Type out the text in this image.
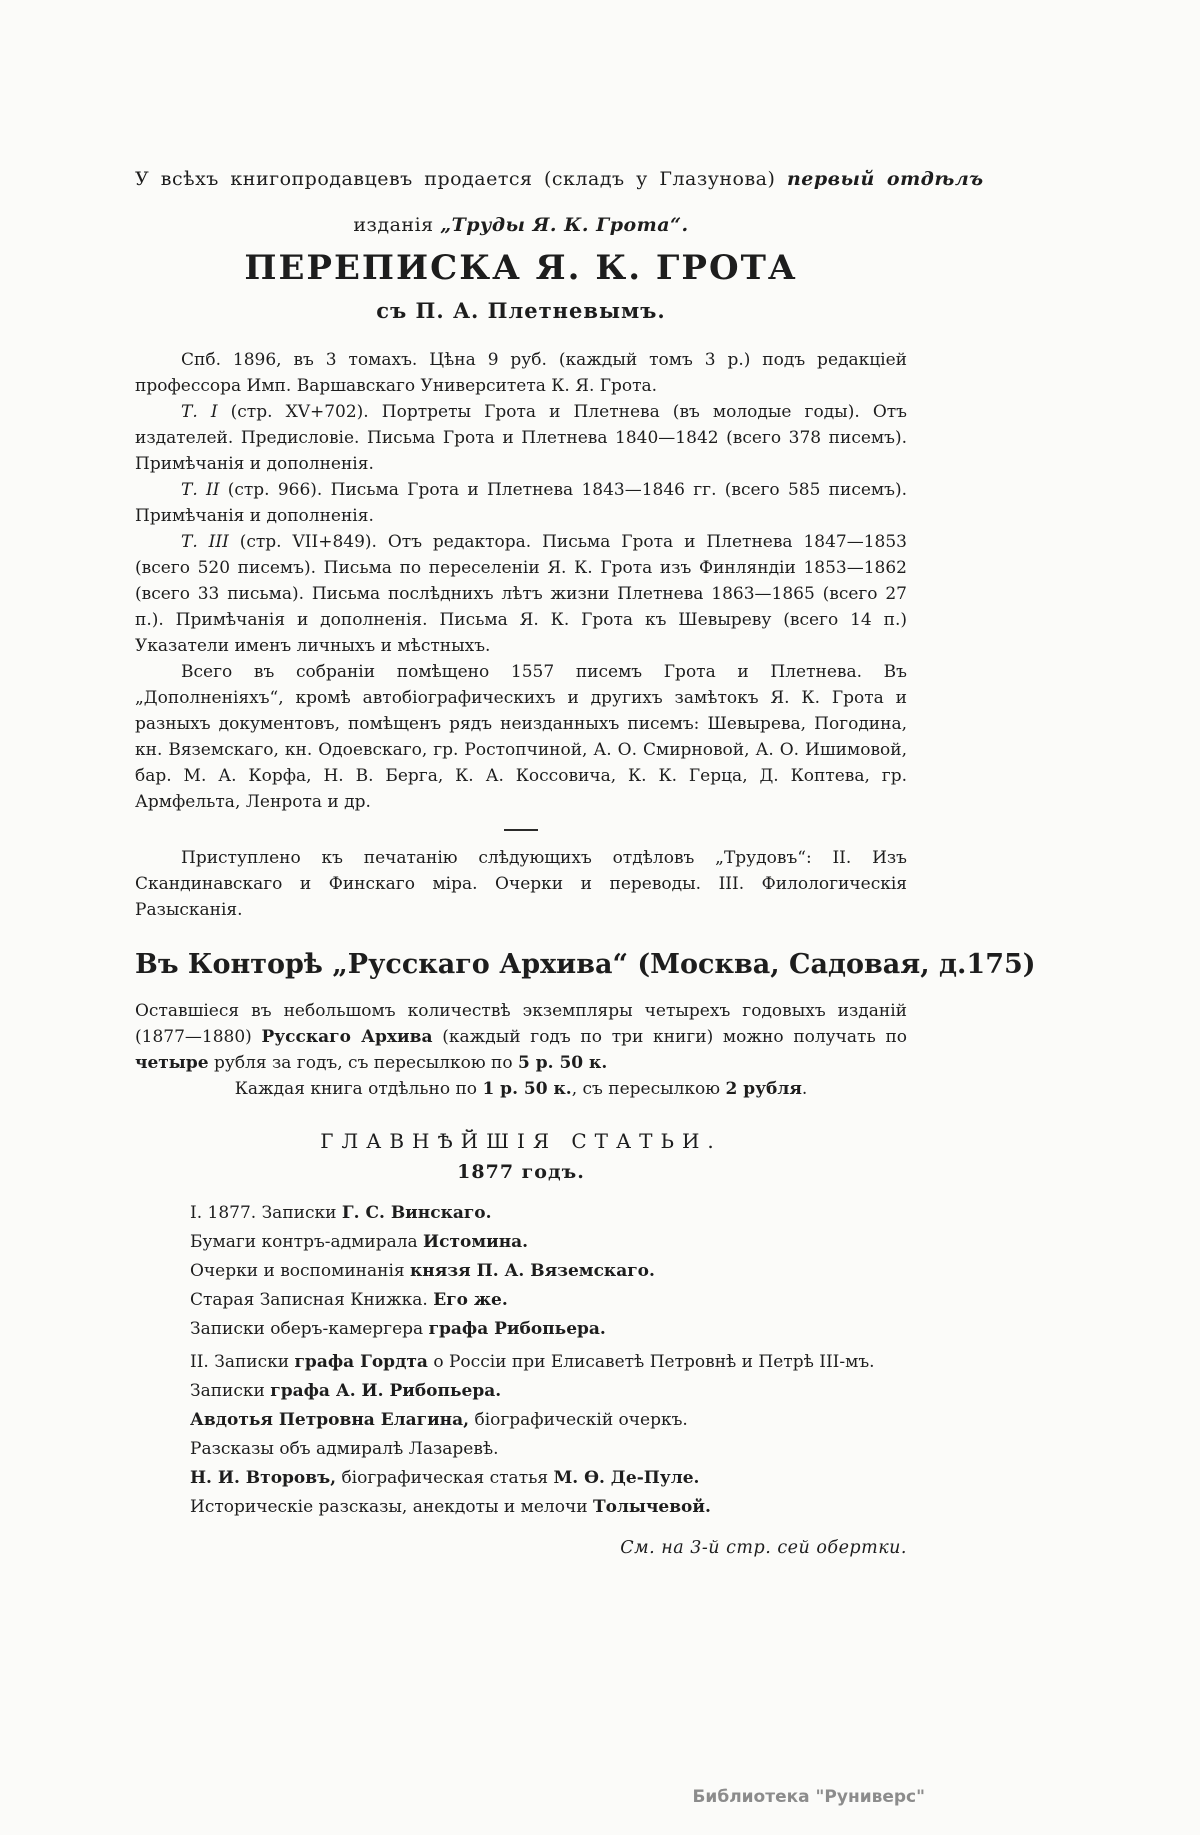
У всѣхъ книгопродавцевъ продается (складъ у Глазунова) первый отдѣлъ

изданія „Труды Я. К. Грота“.

ПЕРЕПИСКА Я. К. ГРОТА
съ П. А. Плетневымъ.

Спб. 1896, въ 3 томахъ. Цѣна 9 руб. (каждый томъ 3 р.) подъ редакціей профессора Имп. Варшавскаго Университета К. Я. Грота.

Т. I (стр. XV+702). Портреты Грота и Плетнева (въ молодые годы). Отъ издателей. Предисловіе. Письма Грота и Плетнева 1840—1842 (всего 378 писемъ). Примѣчанія и дополненія.

Т. II (стр. 966). Письма Грота и Плетнева 1843—1846 гг. (всего 585 писемъ). Примѣчанія и дополненія.

Т. III (стр. VII+849). Отъ редактора. Письма Грота и Плетнева 1847—1853 (всего 520 писемъ). Письма по переселеніи Я. К. Грота изъ Финляндіи 1853—1862 (всего 33 письма). Письма послѣднихъ лѣтъ жизни Плетнева 1863—1865 (всего 27 п.). Примѣчанія и дополненія. Письма Я. К. Грота къ Шевыреву (всего 14 п.) Указатели именъ личныхъ и мѣстныхъ.

Всего въ собраніи помѣщено 1557 писемъ Грота и Плетнева. Въ „Дополненіяхъ“, кромѣ автобіографическихъ и другихъ замѣтокъ Я. К. Грота и разныхъ документовъ, помѣщенъ рядъ неизданныхъ писемъ: Шевырева, Погодина, кн. Вяземскаго, кн. Одоевскаго, гр. Ростопчиной, А. О. Смирновой, А. О. Ишимовой, бар. М. А. Корфа, Н. В. Берга, К. А. Коссовича, К. К. Герца, Д. Коптева, гр. Армфельта, Ленрота и др.

Приступлено къ печатанію слѣдующихъ отдѣловъ „Трудовъ“: II. Изъ Скандинавскаго и Финскаго міра. Очерки и переводы. III. Филологическія Разысканія.

Въ Конторѣ „Русскаго Архива“ (Москва, Садовая, д.175)

Оставшіеся въ небольшомъ количествѣ экземпляры четырехъ годовыхъ изданій (1877—1880) Русскаго Архива (каждый годъ по три книги) можно получать по четыре рубля за годъ, съ пересылкою по 5 р. 50 к.

Каждая книга отдѣльно по 1 р. 50 к., съ пересылкою 2 рубля.

ГЛАВНѢЙШІЯ СТАТЬИ.
1877 годъ.

I. 1877. Записки Г. С. Винскаго.

Бумаги контръ-адмирала Истомина.

Очерки и воспоминанія князя П. А. Вяземскаго.

Старая Записная Книжка. Его же.

Записки оберъ-камергера графа Рибопьера.

II. Записки графа Гордта о Россіи при Елисаветѣ Петровнѣ и Петрѣ III-мъ.

Записки графа А. И. Рибопьера.

Авдотья Петровна Елагина, біографическій очеркъ.

Разсказы объ адмиралѣ Лазаревѣ.

Н. И. Второвъ, біографическая статья М. Ѳ. Де-Пуле.

Историческіе разсказы, анекдоты и мелочи Толычевой.

См. на 3-й стр. сей обертки.

Библиотека "Руниверс"
